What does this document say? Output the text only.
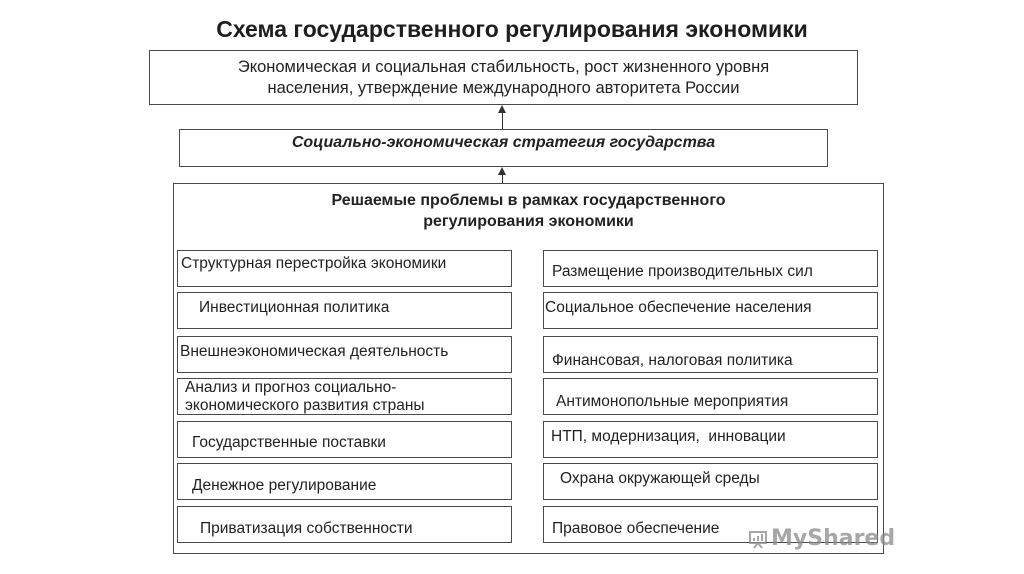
Схема государственного регулирования экономики
Экономическая и социальная стабильность, рост жизненного уровня
населения, утверждение международного авторитета России
Социально-экономическая стратегия государства
Решаемые проблемы в рамках государственного
регулирования экономики
Структурная перестройка экономики
Инвестиционная политика
Внешнеэкономическая деятельность
Анализ и прогноз социально-
экономического развития страны
Государственные поставки
Денежное регулирование
Приватизация собственности
Размещение производительных сил
Социальное обеспечение населения
Финансовая, налоговая политика
Антимонопольные мероприятия
НТП, модернизация,  инновации
Охрана окружающей среды
Правовое обеспечение MyShared
